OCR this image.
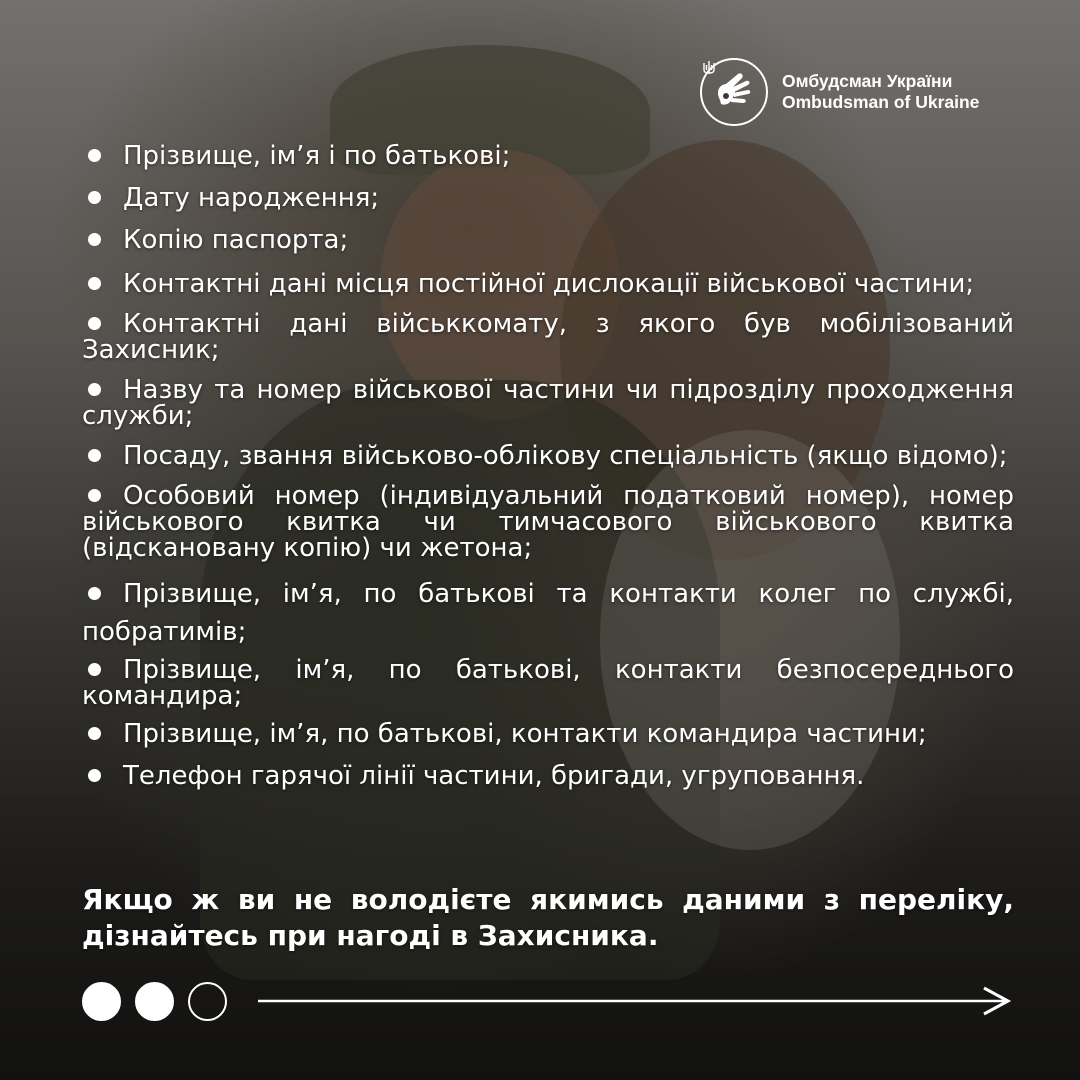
Омбудсман України
Ombudsman of Ukraine
Прізвище, ім’я і по батькові;
Дату народження;
Копію паспорта;
Контактні дані місця постійної дислокації військової частини;
Контактні дані військкомату, з якого був мобілізований Захисник;
Назву та номер військової частини чи підрозділу проходження служби;
Посаду, звання військово-облікову спеціальність (якщо відомо);
Особовий номер (індивідуальний податковий номер), номер військового квитка чи тимчасового військового квитка (відскановану копію) чи жетона;
Прізвище, ім’я, по батькові та контакти колег по службі, побратимів;
Прізвище, ім’я, по батькові, контакти безпосереднього командира;
Прізвище, ім’я, по батькові, контакти командира частини;
Телефон гарячої лінії частини, бригади, угруповання.

Якщо ж ви не володієте якимись даними з переліку, дізнайтесь при нагоді в Захисника.
